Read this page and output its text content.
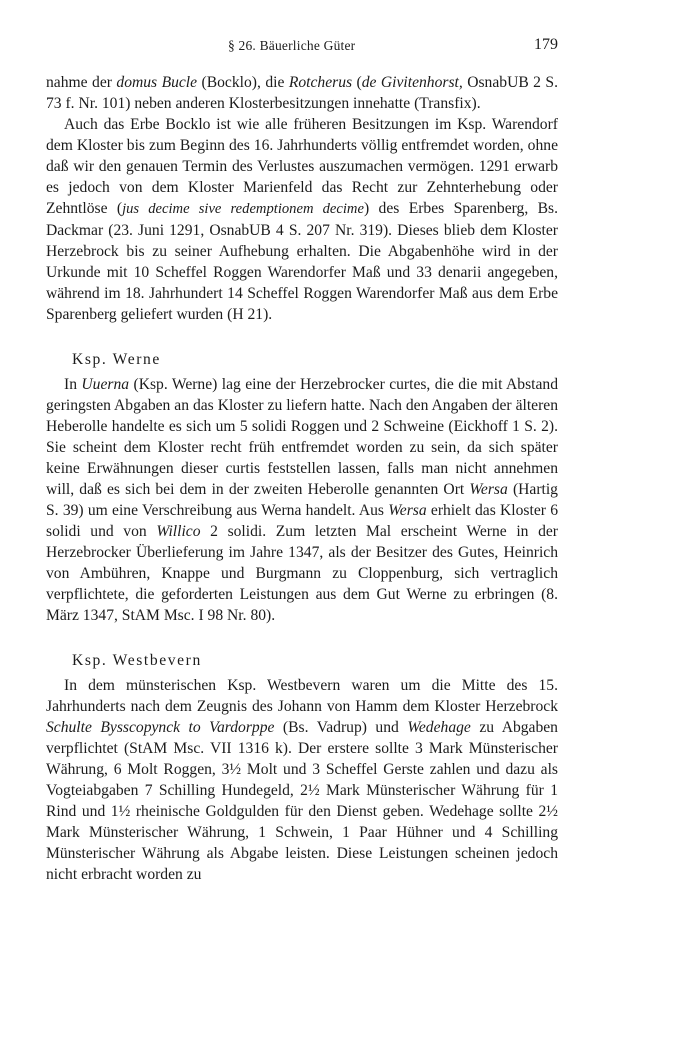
§ 26. Bäuerliche Güter	179

nahme der domus Bucle (Bocklo), die Rotcherus (de Givitenhorst, OsnabUB 2 S. 73 f. Nr. 101) neben anderen Klosterbesitzungen innehatte (Transfix).

Auch das Erbe Bocklo ist wie alle früheren Besitzungen im Ksp. Warendorf dem Kloster bis zum Beginn des 16. Jahrhunderts völlig entfremdet worden, ohne daß wir den genauen Termin des Verlustes auszumachen vermögen. 1291 erwarb es jedoch von dem Kloster Marienfeld das Recht zur Zehnterhebung oder Zehntlöse (jus decime sive redemptionem decime) des Erbes Sparenberg, Bs. Dackmar (23. Juni 1291, OsnabUB 4 S. 207 Nr. 319). Dieses blieb dem Kloster Herzebrock bis zu seiner Aufhebung erhalten. Die Abgabenhöhe wird in der Urkunde mit 10 Scheffel Roggen Warendorfer Maß und 33 denarii angegeben, während im 18. Jahrhundert 14 Scheffel Roggen Warendorfer Maß aus dem Erbe Sparenberg geliefert wurden (H 21).

Ksp. Werne

In Uuerna (Ksp. Werne) lag eine der Herzebrocker curtes, die die mit Abstand geringsten Abgaben an das Kloster zu liefern hatte. Nach den Angaben der älteren Heberolle handelte es sich um 5 solidi Roggen und 2 Schweine (Eickhoff 1 S. 2). Sie scheint dem Kloster recht früh entfremdet worden zu sein, da sich später keine Erwähnungen dieser curtis feststellen lassen, falls man nicht annehmen will, daß es sich bei dem in der zweiten Heberolle genannten Ort Wersa (Hartig S. 39) um eine Verschreibung aus Werna handelt. Aus Wersa erhielt das Kloster 6 solidi und von Willico 2 solidi. Zum letzten Mal erscheint Werne in der Herzebrocker Überlieferung im Jahre 1347, als der Besitzer des Gutes, Heinrich von Ambühren, Knappe und Burgmann zu Cloppenburg, sich vertraglich verpflichtete, die geforderten Leistungen aus dem Gut Werne zu erbringen (8. März 1347, StAM Msc. I 98 Nr. 80).

Ksp. Westbevern

In dem münsterischen Ksp. Westbevern waren um die Mitte des 15. Jahrhunderts nach dem Zeugnis des Johann von Hamm dem Kloster Herzebrock Schulte Bysscopynck to Vardorppe (Bs. Vadrup) und Wedehage zu Abgaben verpflichtet (StAM Msc. VII 1316 k). Der erstere sollte 3 Mark Münsterischer Währung, 6 Molt Roggen, 3½ Molt und 3 Scheffel Gerste zahlen und dazu als Vogteiabgaben 7 Schilling Hundegeld, 2½ Mark Münsterischer Währung für 1 Rind und 1½ rheinische Goldgulden für den Dienst geben. Wedehage sollte 2½ Mark Münsterischer Währung, 1 Schwein, 1 Paar Hühner und 4 Schilling Münsterischer Währung als Abgabe leisten. Diese Leistungen scheinen jedoch nicht erbracht worden zu
